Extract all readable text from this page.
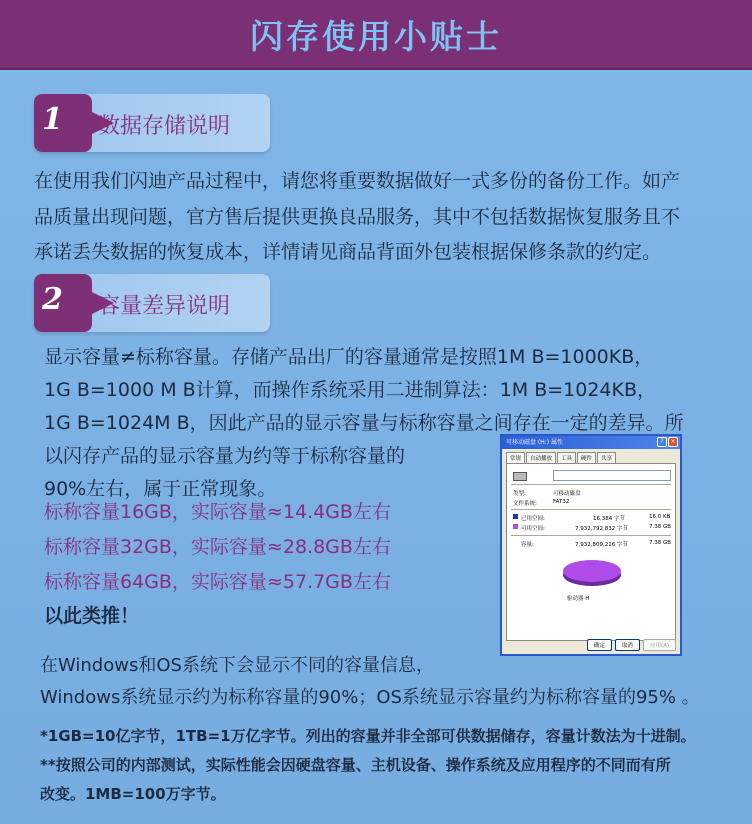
闪存使用小贴士
1 数据存储说明
在使用我们闪迪产品过程中，请您将重要数据做好一式多份的备份工作。如产
品质量出现问题，官方售后提供更换良品服务，其中不包括数据恢复服务且不
承诺丢失数据的恢复成本，详情请见商品背面外包装根据保修条款的约定。
2 容量差异说明
显示容量≠标称容量。存储产品出厂的容量通常是按照1M B=1000KB，
1G B=1000 M B计算，而操作系统采用二进制算法：1M B=1024KB，
1G B=1024M B，因此产品的显示容量与标称容量之间存在一定的差异。所
以闪存产品的显示容量为约等于标称容量的
90%左右，属于正常现象。
标称容量16GB，实际容量≈14.4GB左右
标称容量32GB，实际容量≈28.8GB左右
标称容量64GB，实际容量≈57.7GB左右
以此类推！
在Windows和OS系统下会显示不同的容量信息，
Windows系统显示约为标称容量的90%；OS系统显示容量约为标称容量的95% 。
*1GB=10亿字节，1TB=1万亿字节。列出的容量并非全部可供数据储存，容量计数法为十进制。
**按照公司的内部测试，实际性能会因硬盘容量、主机设备、操作系统及应用程序的不同而有所
改变。1MB=100万字节。
可移动磁盘 (H:) 属性	?	×
常规	自动播放	工具	硬件	共享
类型:	可移动磁盘
文件系统:	FAT32
已用空间:	16,384 字节	16.0 KB
可用空间:	7,932,792,832 字节	7.38 GB
容量:	7,932,809,216 字节	7.38 GB
驱动器 H
确定	取消	应用(A)
